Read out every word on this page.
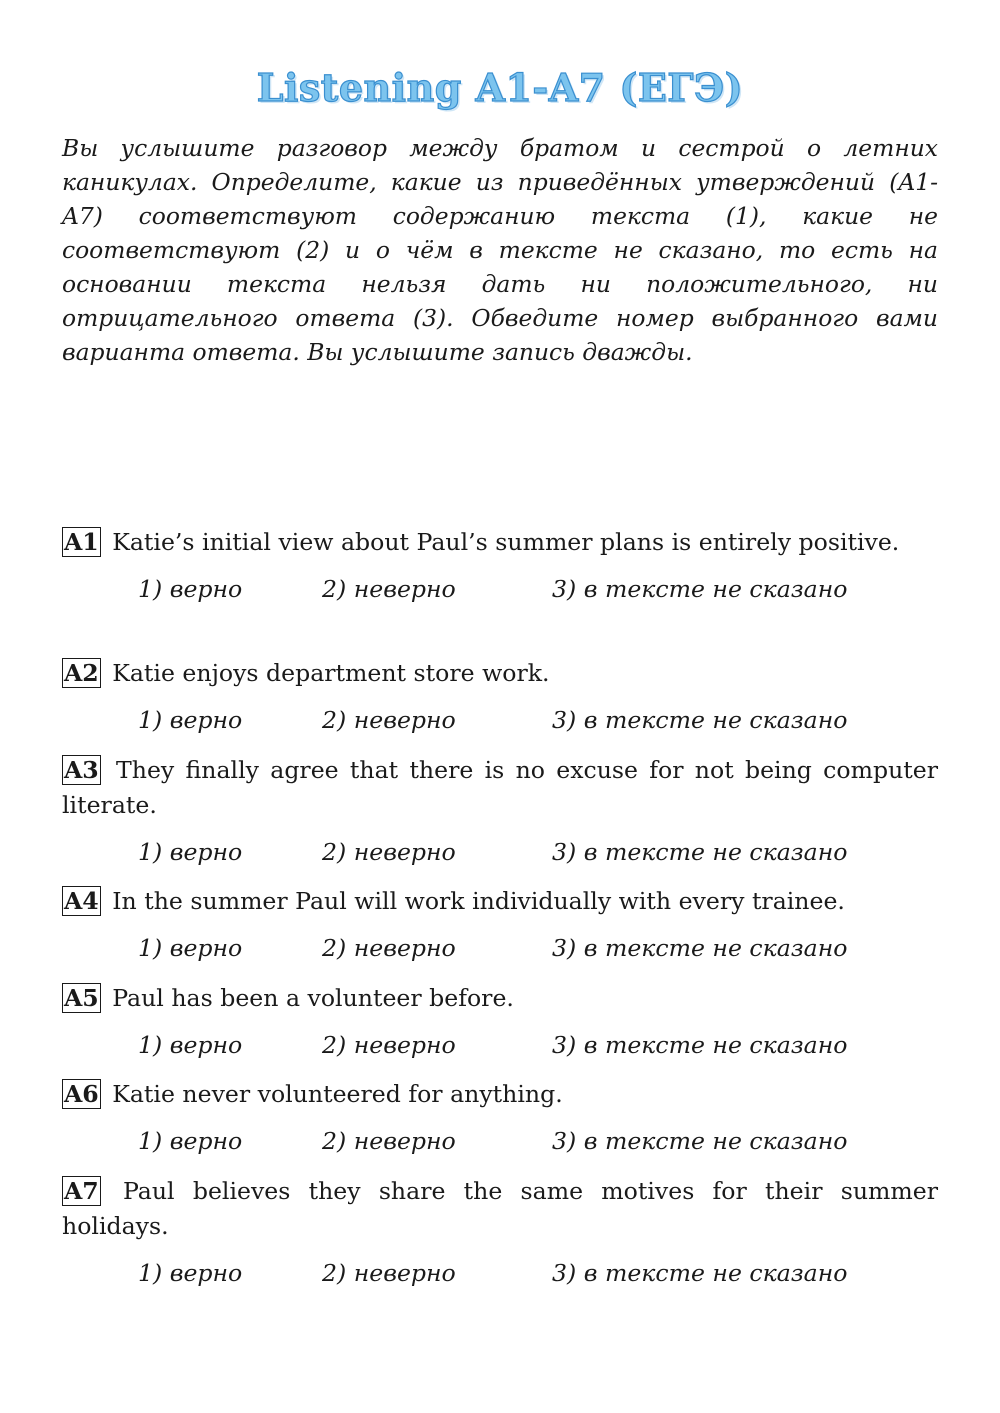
Listening A1-A7 (ЕГЭ)

Вы услышите разговор между братом и сестрой о летних каникулах. Определите, какие из приведённых утверждений (A1-A7) соответствуют содержанию текста (1), какие не соответствуют (2) и о чём в тексте не сказано, то есть на основании текста нельзя дать ни положительного, ни отрицательного ответа (3). Обведите номер выбранного вами варианта ответа. Вы услышите запись дважды.

A1 Katie’s initial view about Paul’s summer plans is entirely positive.

1) верно	2) неверно	3) в тексте не сказано

A2 Katie enjoys department store work.

1) верно	2) неверно	3) в тексте не сказано

A3 They finally agree that there is no excuse for not being computer literate.

1) верно	2) неверно	3) в тексте не сказано

A4 In the summer Paul will work individually with every trainee.

1) верно	2) неверно	3) в тексте не сказано

A5 Paul has been a volunteer before.

1) верно	2) неверно	3) в тексте не сказано

A6 Katie never volunteered for anything.

1) верно	2) неверно	3) в тексте не сказано

A7 Paul believes they share the same motives for their summer holidays.

1) верно	2) неверно	3) в тексте не сказано
